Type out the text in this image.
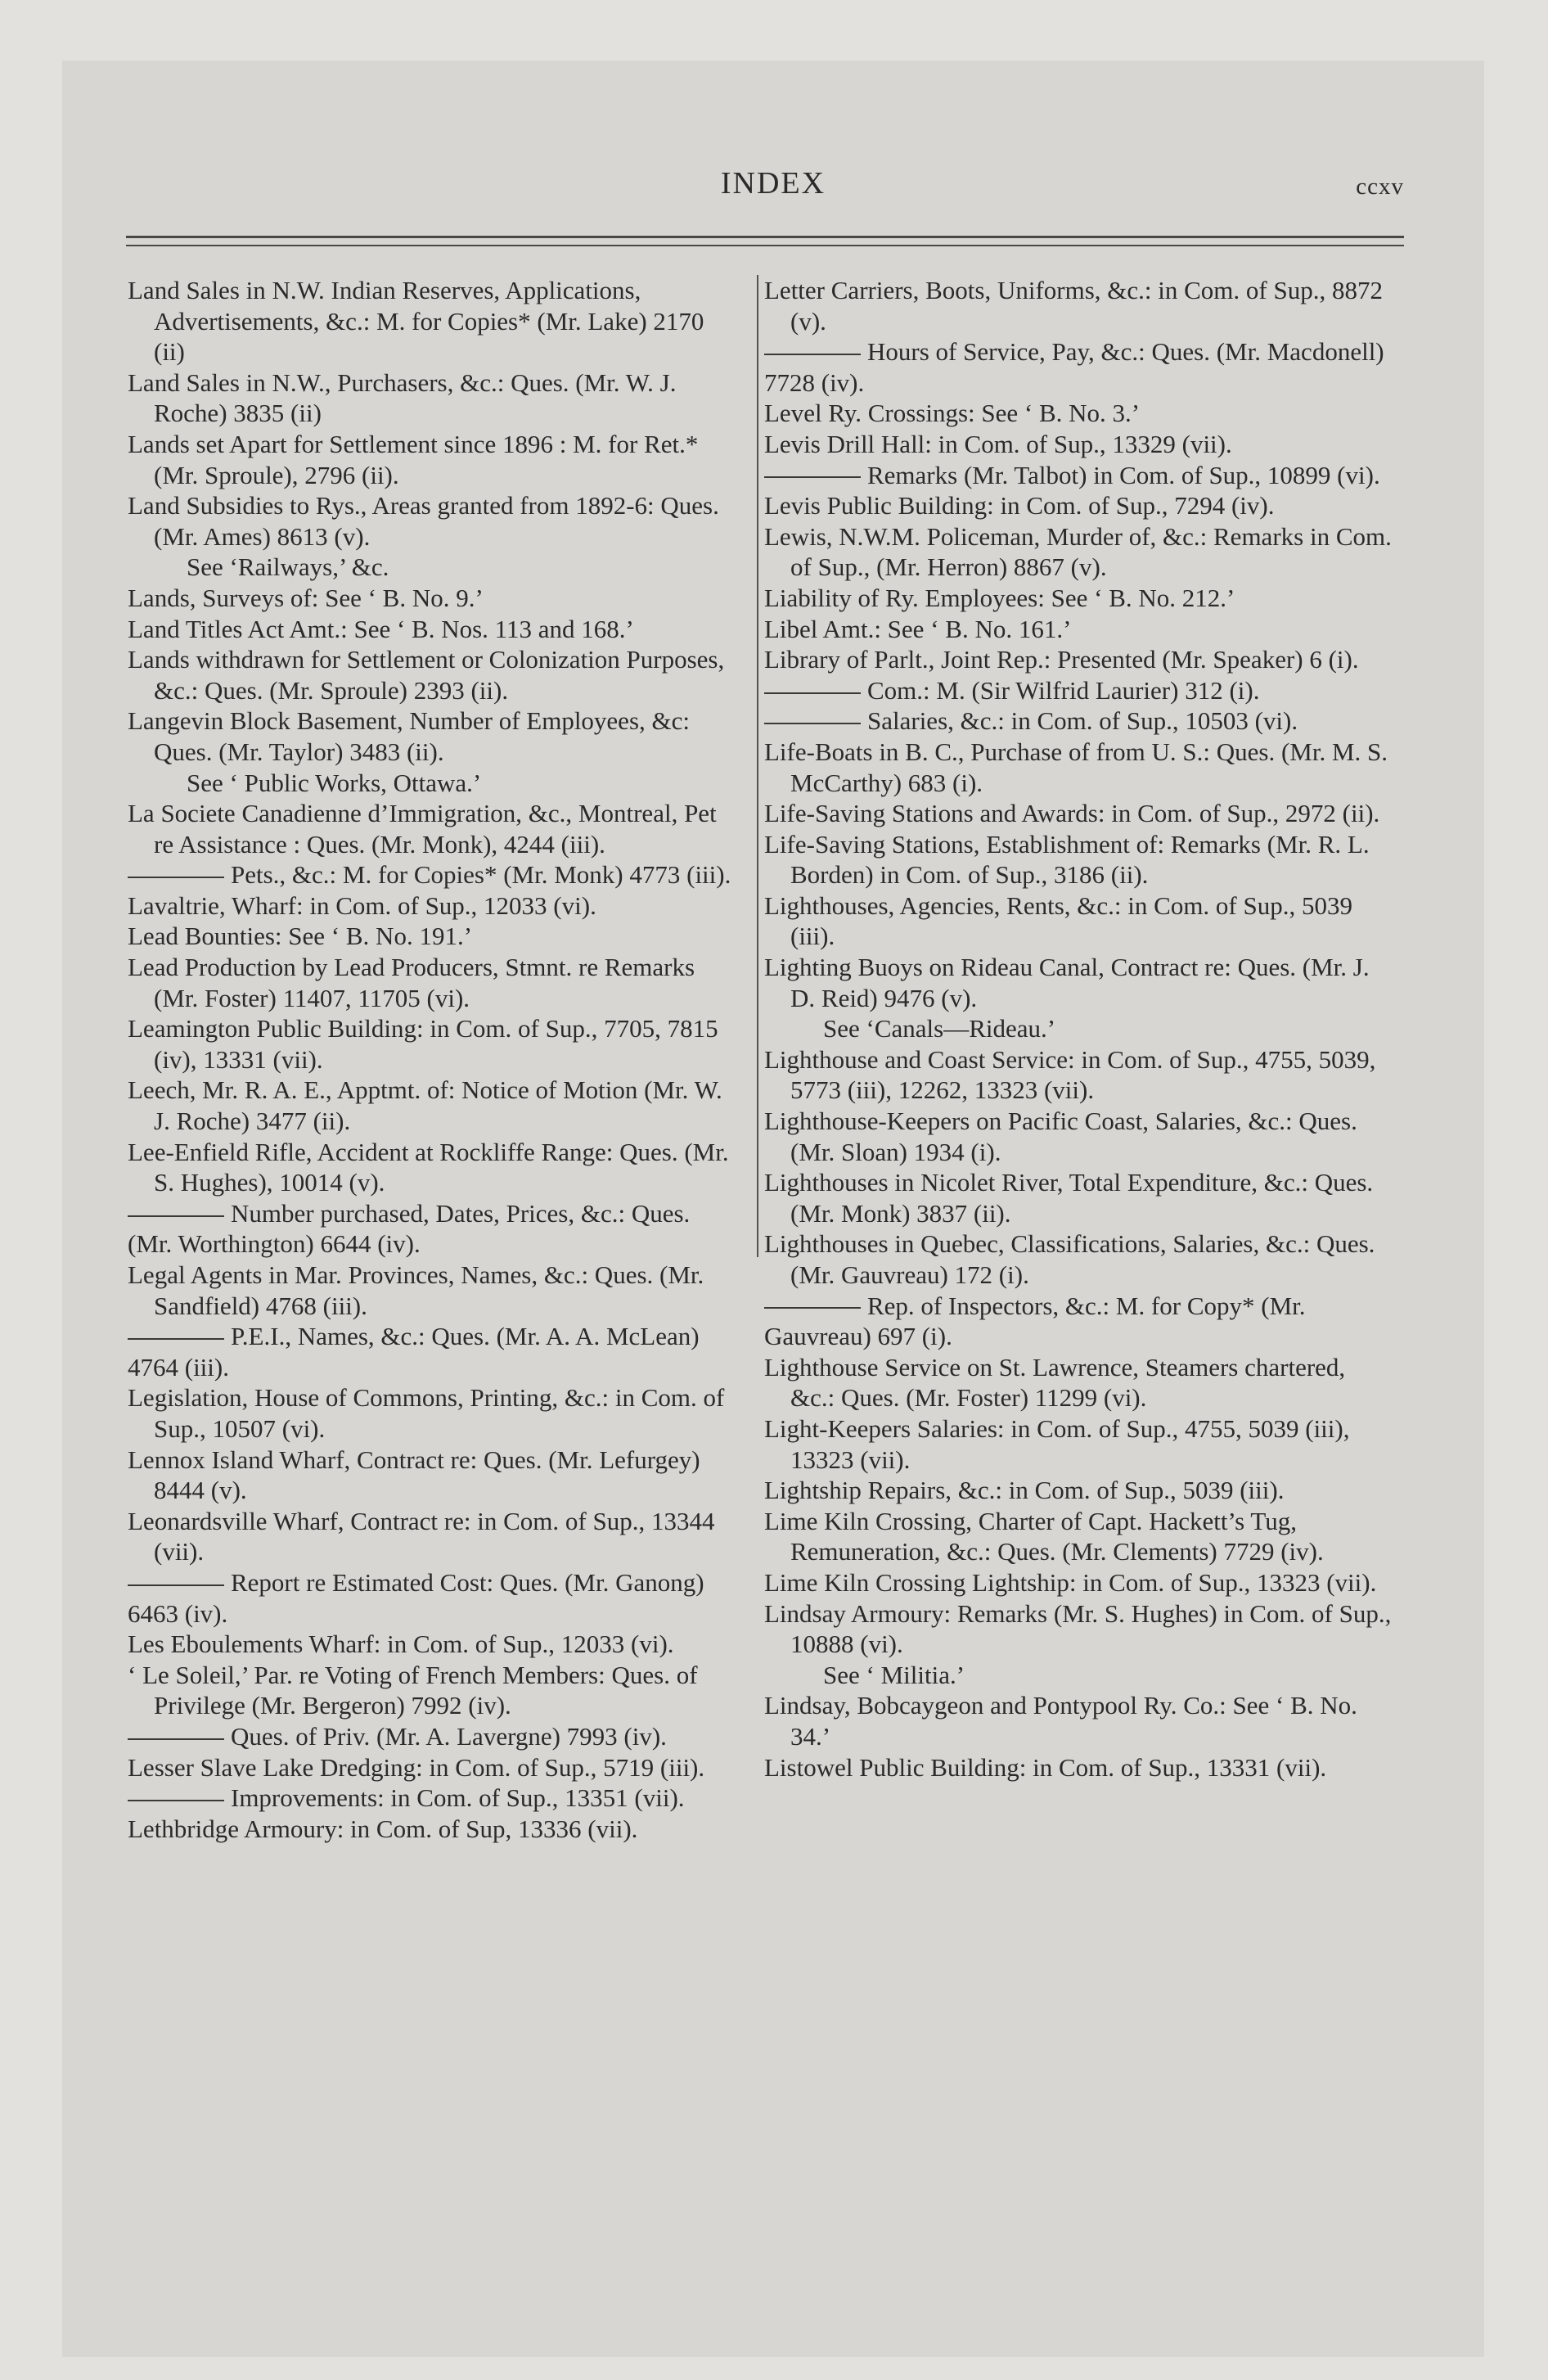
INDEX	ccxv

Land Sales in N.W. Indian Reserves, Applications, Advertisements, &c.: M. for Copies* (Mr. Lake) 2170 (ii)

Land Sales in N.W., Purchasers, &c.: Ques. (Mr. W. J. Roche) 3835 (ii)

Lands set Apart for Settlement since 1896 : M. for Ret.* (Mr. Sproule), 2796 (ii).

Land Subsidies to Rys., Areas granted from 1892-6: Ques. (Mr. Ames) 8613 (v).

See ‘Railways,’ &c.

Lands, Surveys of: See ‘ B. No. 9.’

Land Titles Act Amt.: See ‘ B. Nos. 113 and 168.’

Lands withdrawn for Settlement or Colonization Purposes, &c.: Ques. (Mr. Sproule) 2393 (ii).

Langevin Block Basement, Number of Employees, &c: Ques. (Mr. Taylor) 3483 (ii).

See ‘ Public Works, Ottawa.’

La Societe Canadienne d’Immigration, &c., Montreal, Pet re Assistance : Ques. (Mr. Monk), 4244 (iii).

Pets., &c.: M. for Copies* (Mr. Monk) 4773 (iii).

Lavaltrie, Wharf: in Com. of Sup., 12033 (vi).

Lead Bounties: See ‘ B. No. 191.’

Lead Production by Lead Producers, Stmnt. re Remarks (Mr. Foster) 11407, 11705 (vi).

Leamington Public Building: in Com. of Sup., 7705, 7815 (iv), 13331 (vii).

Leech, Mr. R. A. E., Apptmt. of: Notice of Motion (Mr. W. J. Roche) 3477 (ii).

Lee-Enfield Rifle, Accident at Rockliffe Range: Ques. (Mr. S. Hughes), 10014 (v).

Number purchased, Dates, Prices, &c.: Ques. (Mr. Worthington) 6644 (iv).

Legal Agents in Mar. Provinces, Names, &c.: Ques. (Mr. Sandfield) 4768 (iii).

P.E.I., Names, &c.: Ques. (Mr. A. A. McLean) 4764 (iii).

Legislation, House of Commons, Printing, &c.: in Com. of Sup., 10507 (vi).

Lennox Island Wharf, Contract re: Ques. (Mr. Lefurgey) 8444 (v).

Leonardsville Wharf, Contract re: in Com. of Sup., 13344 (vii).

Report re Estimated Cost: Ques. (Mr. Ganong) 6463 (iv).

Les Eboulements Wharf: in Com. of Sup., 12033 (vi).

‘ Le Soleil,’ Par. re Voting of French Members: Ques. of Privilege (Mr. Bergeron) 7992 (iv).

Ques. of Priv. (Mr. A. Lavergne) 7993 (iv).

Lesser Slave Lake Dredging: in Com. of Sup., 5719 (iii).

Improvements: in Com. of Sup., 13351 (vii).

Lethbridge Armoury: in Com. of Sup, 13336 (vii).

Letter Carriers, Boots, Uniforms, &c.: in Com. of Sup., 8872 (v).

Hours of Service, Pay, &c.: Ques. (Mr. Macdonell) 7728 (iv).

Level Ry. Crossings: See ‘ B. No. 3.’

Levis Drill Hall: in Com. of Sup., 13329 (vii).

Remarks (Mr. Talbot) in Com. of Sup., 10899 (vi).

Levis Public Building: in Com. of Sup., 7294 (iv).

Lewis, N.W.M. Policeman, Murder of, &c.: Remarks in Com. of Sup., (Mr. Herron) 8867 (v).

Liability of Ry. Employees: See ‘ B. No. 212.’

Libel Amt.: See ‘ B. No. 161.’

Library of Parlt., Joint Rep.: Presented (Mr. Speaker) 6 (i).

Com.: M. (Sir Wilfrid Laurier) 312 (i).

Salaries, &c.: in Com. of Sup., 10503 (vi).

Life-Boats in B. C., Purchase of from U. S.: Ques. (Mr. M. S. McCarthy) 683 (i).

Life-Saving Stations and Awards: in Com. of Sup., 2972 (ii).

Life-Saving Stations, Establishment of: Remarks (Mr. R. L. Borden) in Com. of Sup., 3186 (ii).

Lighthouses, Agencies, Rents, &c.: in Com. of Sup., 5039 (iii).

Lighting Buoys on Rideau Canal, Contract re: Ques. (Mr. J. D. Reid) 9476 (v).

See ‘Canals—Rideau.’

Lighthouse and Coast Service: in Com. of Sup., 4755, 5039, 5773 (iii), 12262, 13323 (vii).

Lighthouse-Keepers on Pacific Coast, Salaries, &c.: Ques. (Mr. Sloan) 1934 (i).

Lighthouses in Nicolet River, Total Expenditure, &c.: Ques. (Mr. Monk) 3837 (ii).

Lighthouses in Quebec, Classifications, Salaries, &c.: Ques. (Mr. Gauvreau) 172 (i).

Rep. of Inspectors, &c.: M. for Copy* (Mr. Gauvreau) 697 (i).

Lighthouse Service on St. Lawrence, Steamers chartered, &c.: Ques. (Mr. Foster) 11299 (vi).

Light-Keepers Salaries: in Com. of Sup., 4755, 5039 (iii), 13323 (vii).

Lightship Repairs, &c.: in Com. of Sup., 5039 (iii).

Lime Kiln Crossing, Charter of Capt. Hackett’s Tug, Remuneration, &c.: Ques. (Mr. Clements) 7729 (iv).

Lime Kiln Crossing Lightship: in Com. of Sup., 13323 (vii).

Lindsay Armoury: Remarks (Mr. S. Hughes) in Com. of Sup., 10888 (vi).

See ‘ Militia.’

Lindsay, Bobcaygeon and Pontypool Ry. Co.: See ‘ B. No. 34.’

Listowel Public Building: in Com. of Sup., 13331 (vii).
